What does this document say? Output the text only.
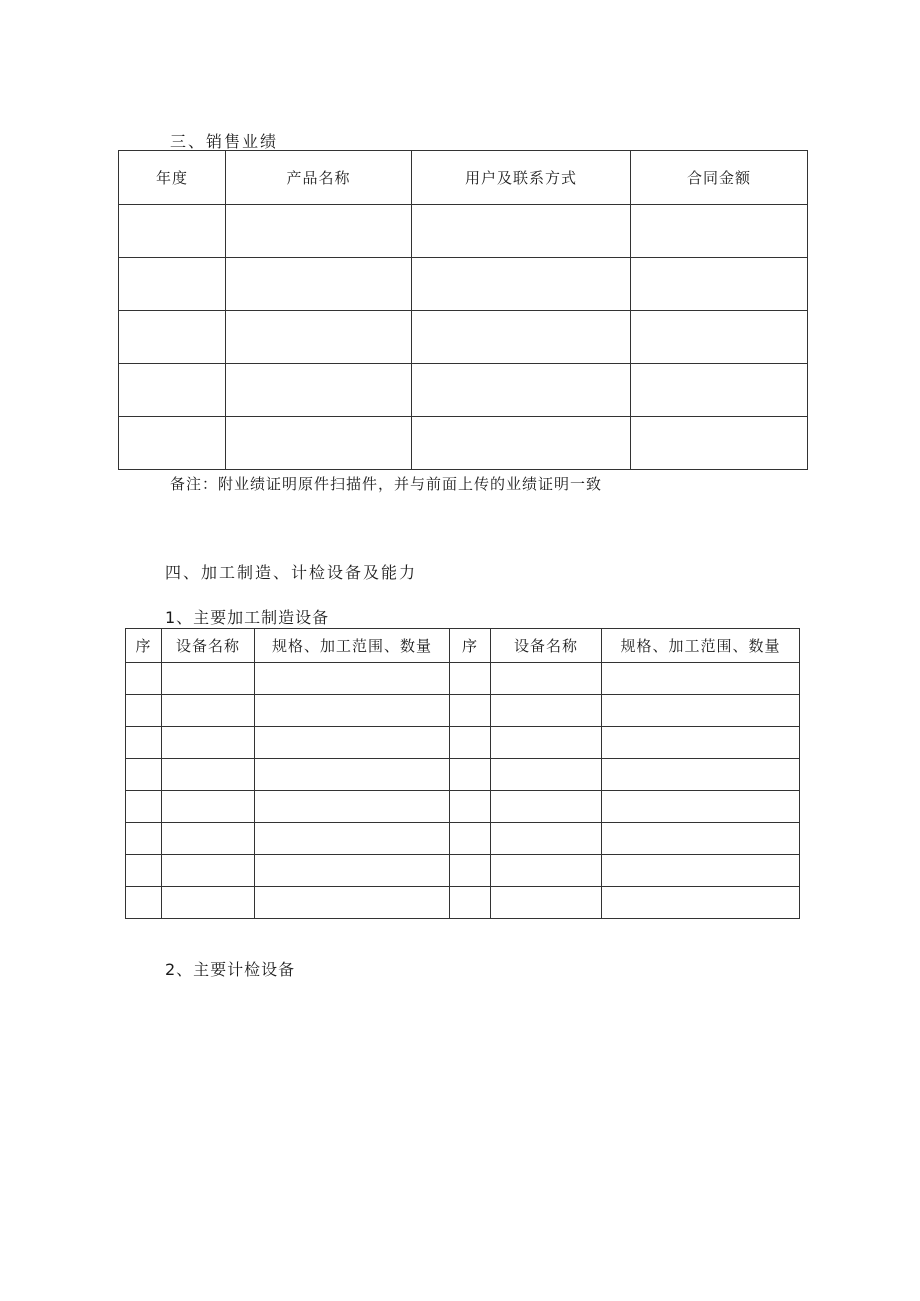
三、销售业绩
年度	产品名称	用户及联系方式	合同金额

备注：附业绩证明原件扫描件，并与前面上传的业绩证明一致
四、加工制造、计检设备及能力
1、主要加工制造设备
序	设备名称	规格、加工范围、数量	序	设备名称	规格、加工范围、数量

2、主要计检设备
